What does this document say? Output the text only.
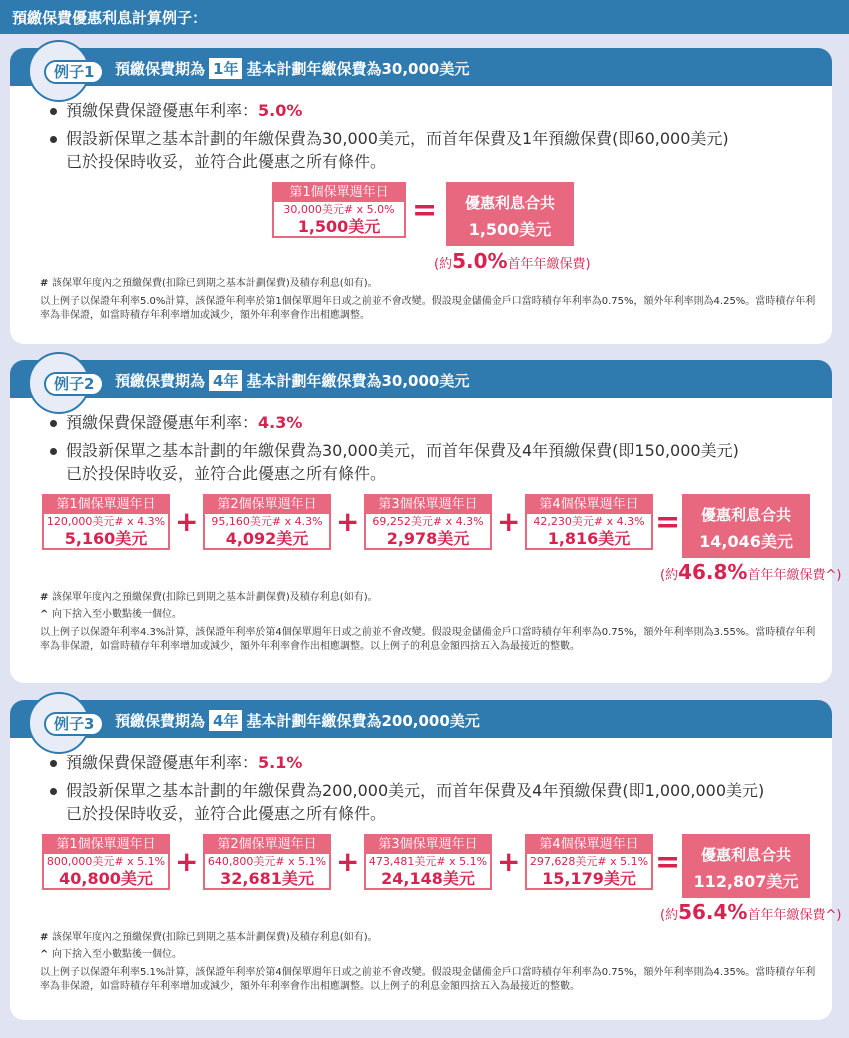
預繳保費優惠利息計算例子：
例子1	預繳保費期為 1年 基本計劃年繳保費為30,000美元
預繳保費保證優惠年利率：5.0%
假設新保單之基本計劃的年繳保費為30,000美元，而首年保費及1年預繳保費(即60,000美元)
已於投保時收妥，並符合此優惠之所有條件。
第1個保單週年日
30,000美元# x 5.0%
1,500美元	=	優惠利息合共
1,500美元
(約5.0%首年年繳保費)
# 該保單年度內之預繳保費(扣除已到期之基本計劃保費)及積存利息(如有)。
以上例子以保證年利率5.0%計算，該保證年利率於第1個保單週年日或之前並不會改變。假設現金儲備金戶口當時積存年利率為0.75%，額外年利率則為4.25%。當時積存年利率為非保證，如當時積存年利率增加或減少，額外年利率會作出相應調整。
例子2	預繳保費期為 4年 基本計劃年繳保費為30,000美元
預繳保費保證優惠年利率：4.3%
假設新保單之基本計劃的年繳保費為30,000美元，而首年保費及4年預繳保費(即150,000美元)
已於投保時收妥，並符合此優惠之所有條件。
第1個保單週年日
120,000美元# x 4.3%
5,160美元
+
第2個保單週年日
95,160美元# x 4.3%
4,092美元
+
第3個保單週年日
69,252美元# x 4.3%
2,978美元
+
第4個保單週年日
42,230美元# x 4.3%
1,816美元 =	優惠利息合共
14,046美元
(約46.8%首年年繳保費^)
# 該保單年度內之預繳保費(扣除已到期之基本計劃保費)及積存利息(如有)。
^ 向下捨入至小數點後一個位。
以上例子以保證年利率4.3%計算，該保證年利率於第4個保單週年日或之前並不會改變。假設現金儲備金戶口當時積存年利率為0.75%，額外年利率則為3.55%。當時積存年利率為非保證，如當時積存年利率增加或減少，額外年利率會作出相應調整。以上例子的利息金額四捨五入為最接近的整數。
例子3	預繳保費期為 4年 基本計劃年繳保費為200,000美元
預繳保費保證優惠年利率：5.1%
假設新保單之基本計劃的年繳保費為200,000美元，而首年保費及4年預繳保費(即1,000,000美元)
已於投保時收妥，並符合此優惠之所有條件。
第1個保單週年日
800,000美元# x 5.1%
40,800美元
+
第2個保單週年日
640,800美元# x 5.1%
32,681美元
+
第3個保單週年日
473,481美元# x 5.1%
24,148美元
+
第4個保單週年日
297,628美元# x 5.1%
15,179美元 =	優惠利息合共
112,807美元
(約56.4%首年年繳保費^)
# 該保單年度內之預繳保費(扣除已到期之基本計劃保費)及積存利息(如有)。
^ 向下捨入至小數點後一個位。
以上例子以保證年利率5.1%計算，該保證年利率於第4個保單週年日或之前並不會改變。假設現金儲備金戶口當時積存年利率為0.75%，額外年利率則為4.35%。當時積存年利率為非保證，如當時積存年利率增加或減少，額外年利率會作出相應調整。以上例子的利息金額四捨五入為最接近的整數。
